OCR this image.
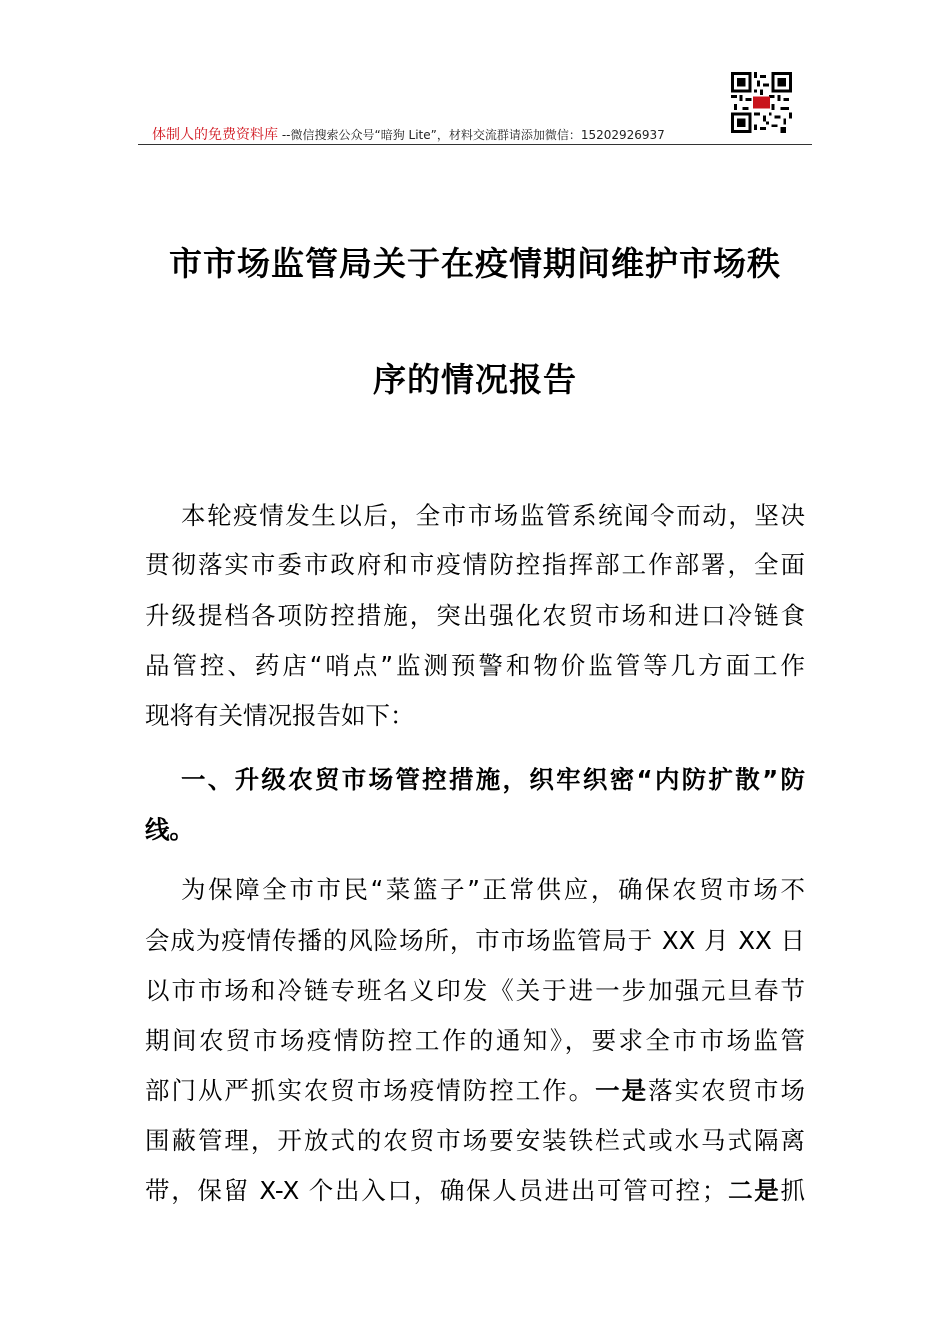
体制人的免费资料库 --微信搜索公众号“暗狗 Lite”，材料交流群请添加微信：15202926937
市市场监管局关于在疫情期间维护市场秩
序的情况报告
本轮疫情发生以后，全市市场监管系统闻令而动，坚决
贯彻落实市委市政府和市疫情防控指挥部工作部署，全面
升级提档各项防控措施，突出强化农贸市场和进口冷链食
品管控、药店“哨点”监测预警和物价监管等几方面工作
现将有关情况报告如下：
一、升级农贸市场管控措施，织牢织密“内防扩散”防
线。
为保障全市市民“菜篮子”正常供应，确保农贸市场不
会成为疫情传播的风险场所，市市场监管局于 XX 月 XX 日
以市市场和冷链专班名义印发《关于进一步加强元旦春节
期间农贸市场疫情防控工作的通知》，要求全市市场监管
部门从严抓实农贸市场疫情防控工作。一是落实农贸市场
围蔽管理，开放式的农贸市场要安装铁栏式或水马式隔离
带，保留 X-X 个出入口，确保人员进出可管可控；二是抓
